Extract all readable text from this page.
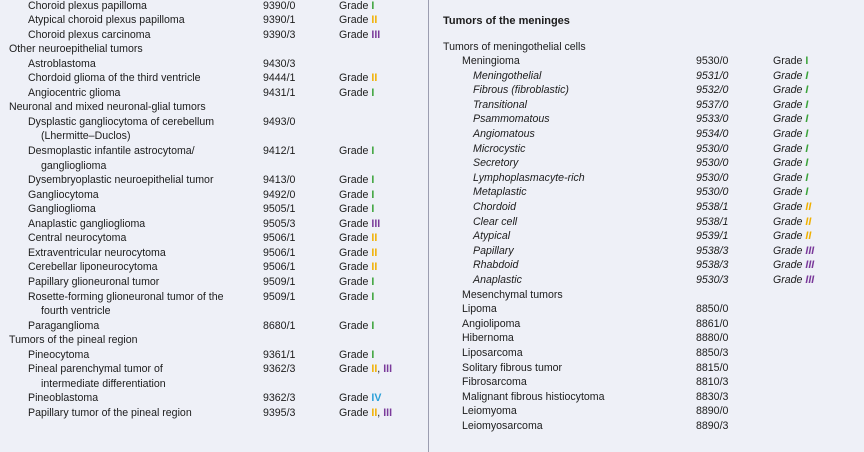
Choroid plexus papilloma	9390/0	Grade I
Atypical choroid plexus papilloma	9390/1	Grade II
Choroid plexus carcinoma	9390/3	Grade III
Other neuroepithelial tumors
Astroblastoma	9430/3
Chordoid glioma of the third ventricle	9444/1	Grade II
Angiocentric glioma	9431/1	Grade I
Neuronal and mixed neuronal-glial tumors
Dysplastic gangliocytoma of cerebellum	9493/0
(Lhermitte–Duclos)
Desmoplastic infantile astrocytoma/	9412/1	Grade I
ganglioglioma
Dysembryoplastic neuroepithelial tumor	9413/0	Grade I
Gangliocytoma	9492/0	Grade I
Ganglioglioma	9505/1	Grade I
Anaplastic ganglioglioma	9505/3	Grade III
Central neurocytoma	9506/1	Grade II
Extraventricular neurocytoma	9506/1	Grade II
Cerebellar liponeurocytoma	9506/1	Grade II
Papillary glioneuronal tumor	9509/1	Grade I
Rosette-forming glioneuronal tumor of the	9509/1	Grade I
fourth ventricle
Paraganglioma	8680/1	Grade I
Tumors of the pineal region
Pineocytoma	9361/1	Grade I
Pineal parenchymal tumor of	9362/3	Grade II, III
intermediate differentiation
Pineoblastoma	9362/3	Grade IV
Papillary tumor of the pineal region	9395/3	Grade II, III
Tumors of the meninges
Tumors of meningothelial cells
Meningioma	9530/0	Grade I
Meningothelial	9531/0	Grade I
Fibrous (fibroblastic)	9532/0	Grade I
Transitional	9537/0	Grade I
Psammomatous	9533/0	Grade I
Angiomatous	9534/0	Grade I
Microcystic	9530/0	Grade I
Secretory	9530/0	Grade I
Lymphoplasmacyte-rich	9530/0	Grade I
Metaplastic	9530/0	Grade I
Chordoid	9538/1	Grade II
Clear cell	9538/1	Grade II
Atypical	9539/1	Grade II
Papillary	9538/3	Grade III
Rhabdoid	9538/3	Grade III
Anaplastic	9530/3	Grade III
Mesenchymal tumors
Lipoma	8850/0
Angiolipoma	8861/0
Hibernoma	8880/0
Liposarcoma	8850/3
Solitary fibrous tumor	8815/0
Fibrosarcoma	8810/3
Malignant fibrous histiocytoma	8830/3
Leiomyoma	8890/0
Leiomyosarcoma	8890/3
